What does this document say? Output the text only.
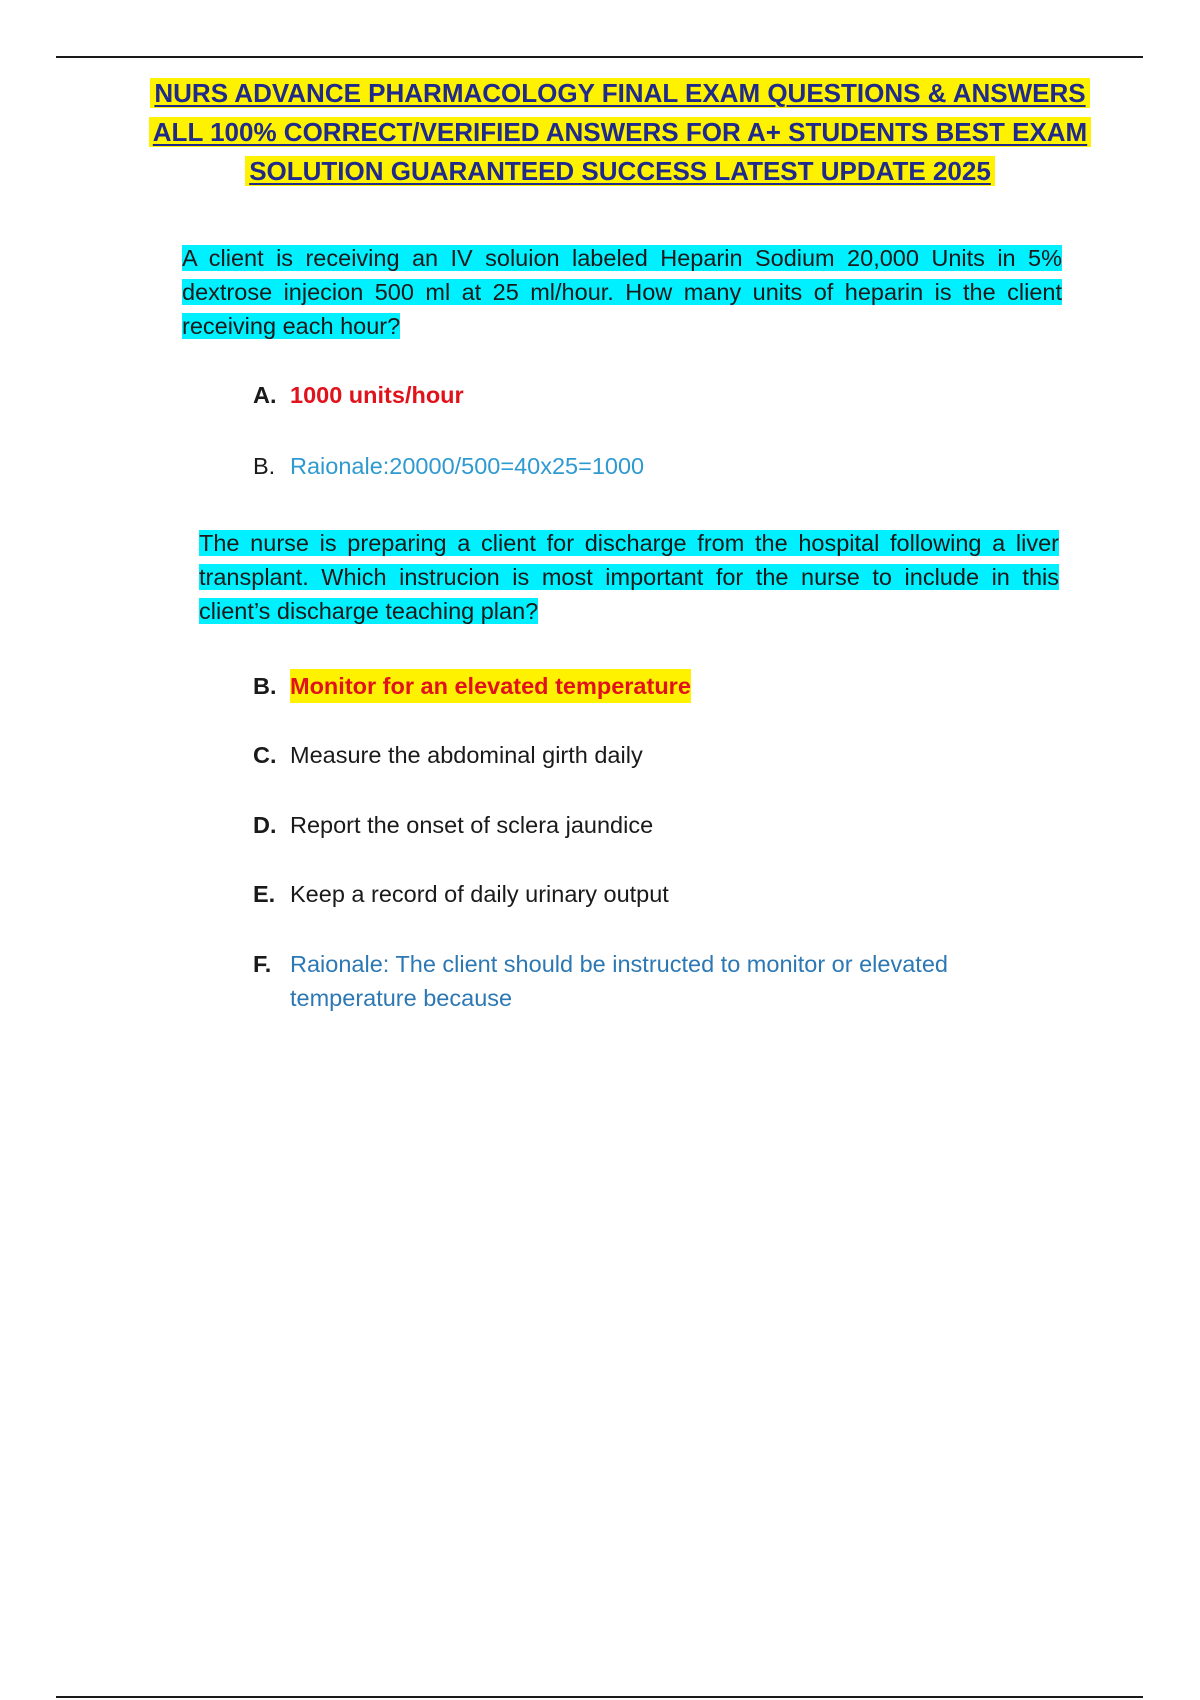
NURS ADVANCE PHARMACOLOGY FINAL EXAM QUESTIONS & ANSWERS
ALL 100% CORRECT/VERIFIED ANSWERS FOR A+ STUDENTS BEST EXAM
SOLUTION GUARANTEED SUCCESS LATEST UPDATE 2025
A client is receiving an IV soluion labeled Heparin Sodium 20,000 Units in 5% dextrose injecion 500 ml at 25 ml/hour. How many units of heparin is the client receiving each hour?
A. 1000 units/hour
B. Raionale:20000/500=40x25=1000
The nurse is preparing a client for discharge from the hospital following a liver transplant. Which instrucion is most important for the nurse to include in this client’s discharge teaching plan?
B. Monitor for an elevated temperature
C. Measure the abdominal girth daily
D. Report the onset of sclera jaundice
E. Keep a record of daily urinary output
F. Raionale: The client should be instructed to monitor or elevated temperature because
